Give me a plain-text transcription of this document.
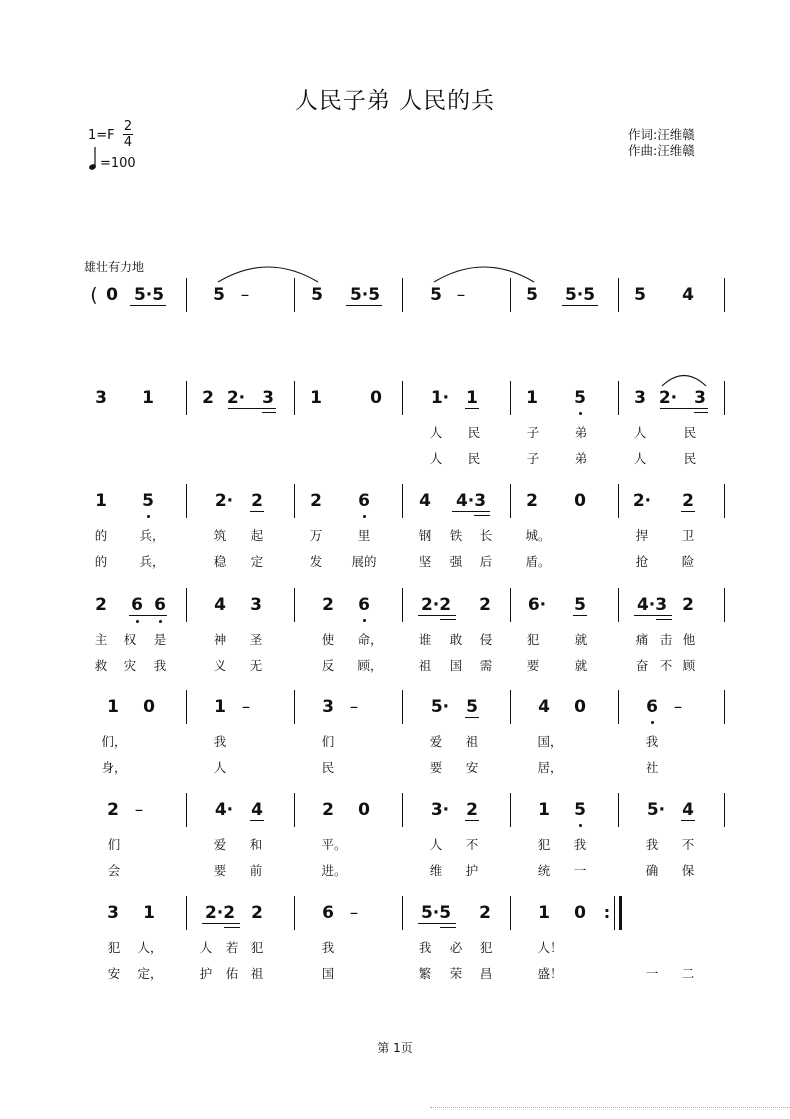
人民子弟 人民的兵
1=F
2
4
=100
作词:汪维赣
作曲:汪维赣
雄壮有力地
( 0 5·5	5 –	5 5·5	5 –	5 5·5 5 4
3 1	2 2· 3 1	0	1· 1	1 5	3 2· 3
人 民	子	弟	人	民
人 民	子	弟	人	民
1 5	2· 2	2 6	4 4·3 2 0	2· 2
的	兵，	筑 起	万	里	钢 铁 长	城。	捍	卫
的	兵，	稳 定	发 展的	坚 强 后	盾。	抢	险
2 6 6	4 3	2 6	2·2 2 6· 5	4·3 2
主 权 是	神 圣	使 命，	谁 敢 侵	犯	就	痛 击 他
救 灾 我	义 无	反 顾，	祖 国 需	要	就	奋 不 顾
1 0	1 –	3 –	5· 5	4 0	6 –
们，	我	们	爱 祖	国，	我
身，	人	民	要 安	居，	社
2 –	4· 4	2 0	3· 2	1 5	5· 4
们	爱 和	平。	人 不	犯 我	我 不
会	要 前	进。	维 护	统 一	确 保
3 1	2·2 2	6 –	5·5 2	1 0 :
犯 人，	人 若 犯	我	我 必 犯	人！
安 定，	护 佑 祖	国	繁 荣 昌	盛！	一 二
第 1页
